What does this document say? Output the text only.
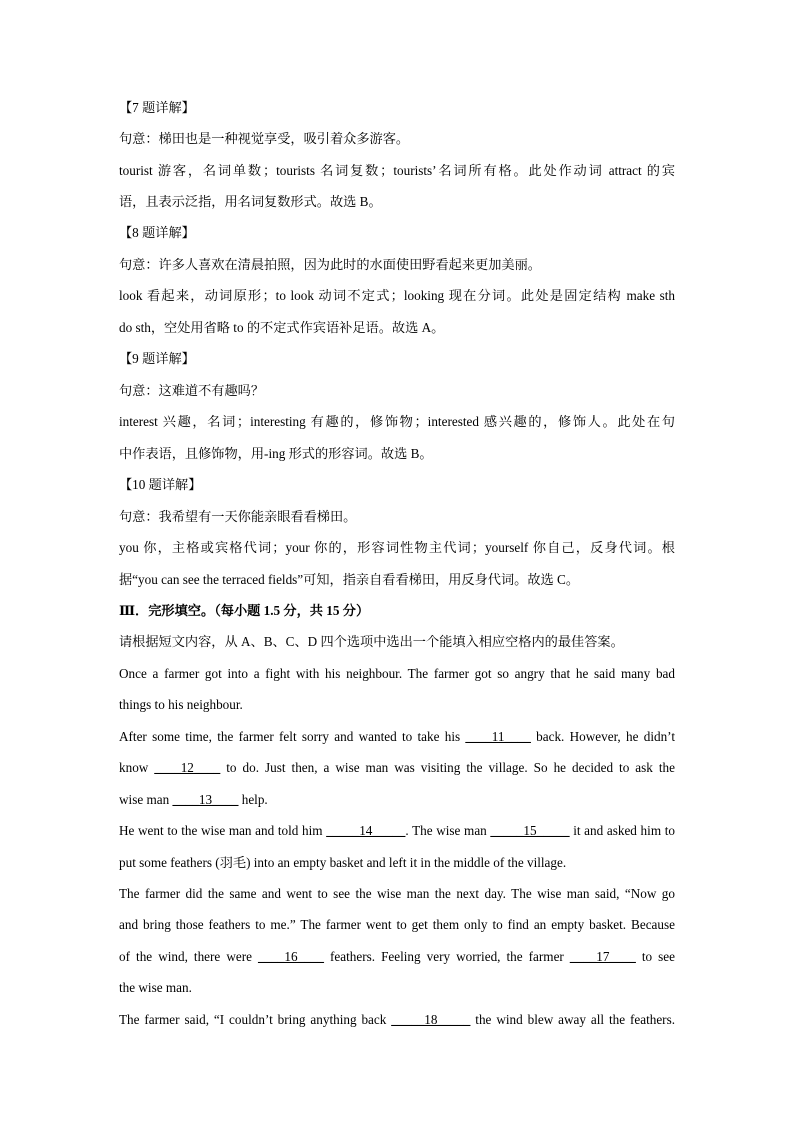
【7 题详解】
句意：梯田也是一种视觉享受，吸引着众多游客。
tourist 游客，名词单数；tourists 名词复数；tourists’名词所有格。此处作动词 attract 的宾
语，且表示泛指，用名词复数形式。故选 B。
【8 题详解】
句意：许多人喜欢在清晨拍照，因为此时的水面使田野看起来更加美丽。
look 看起来，动词原形；to look 动词不定式；looking 现在分词。此处是固定结构 make sth
do sth，空处用省略 to 的不定式作宾语补足语。故选 A。
【9 题详解】
句意：这难道不有趣吗？
interest 兴趣，名词；interesting 有趣的，修饰物；interested 感兴趣的，修饰人。此处在句
中作表语，且修饰物，用-ing 形式的形容词。故选 B。
【10 题详解】
句意：我希望有一天你能亲眼看看梯田。
you 你，主格或宾格代词；your 你的，形容词性物主代词；yourself 你自己，反身代词。根
据“you can see the terraced fields”可知，指亲自看看梯田，用反身代词。故选 C。
Ⅲ．完形填空。（每小题 1.5 分，共 15 分）
请根据短文内容，从 A、B、C、D 四个选项中选出一个能填入相应空格内的最佳答案。
Once a farmer got into a fight with his neighbour. The farmer got so angry that he said many bad
things to his neighbour.
After some time, the farmer felt sorry and wanted to take his ____11____ back. However, he didn’t
know ____12____ to do. Just then, a wise man was visiting the village. So he decided to ask the
wise man ____13____ help.
He went to the wise man and told him _____14_____. The wise man _____15_____ it and asked him to
put some feathers (羽毛) into an empty basket and left it in the middle of the village.
The farmer did the same and went to see the wise man the next day. The wise man said, “Now go
and bring those feathers to me.” The farmer went to get them only to find an empty basket. Because
of the wind, there were ____16____ feathers. Feeling very worried, the farmer ____17____ to see
the wise man.
The farmer said, “I couldn’t bring anything back _____18_____ the wind blew away all the feathers.
